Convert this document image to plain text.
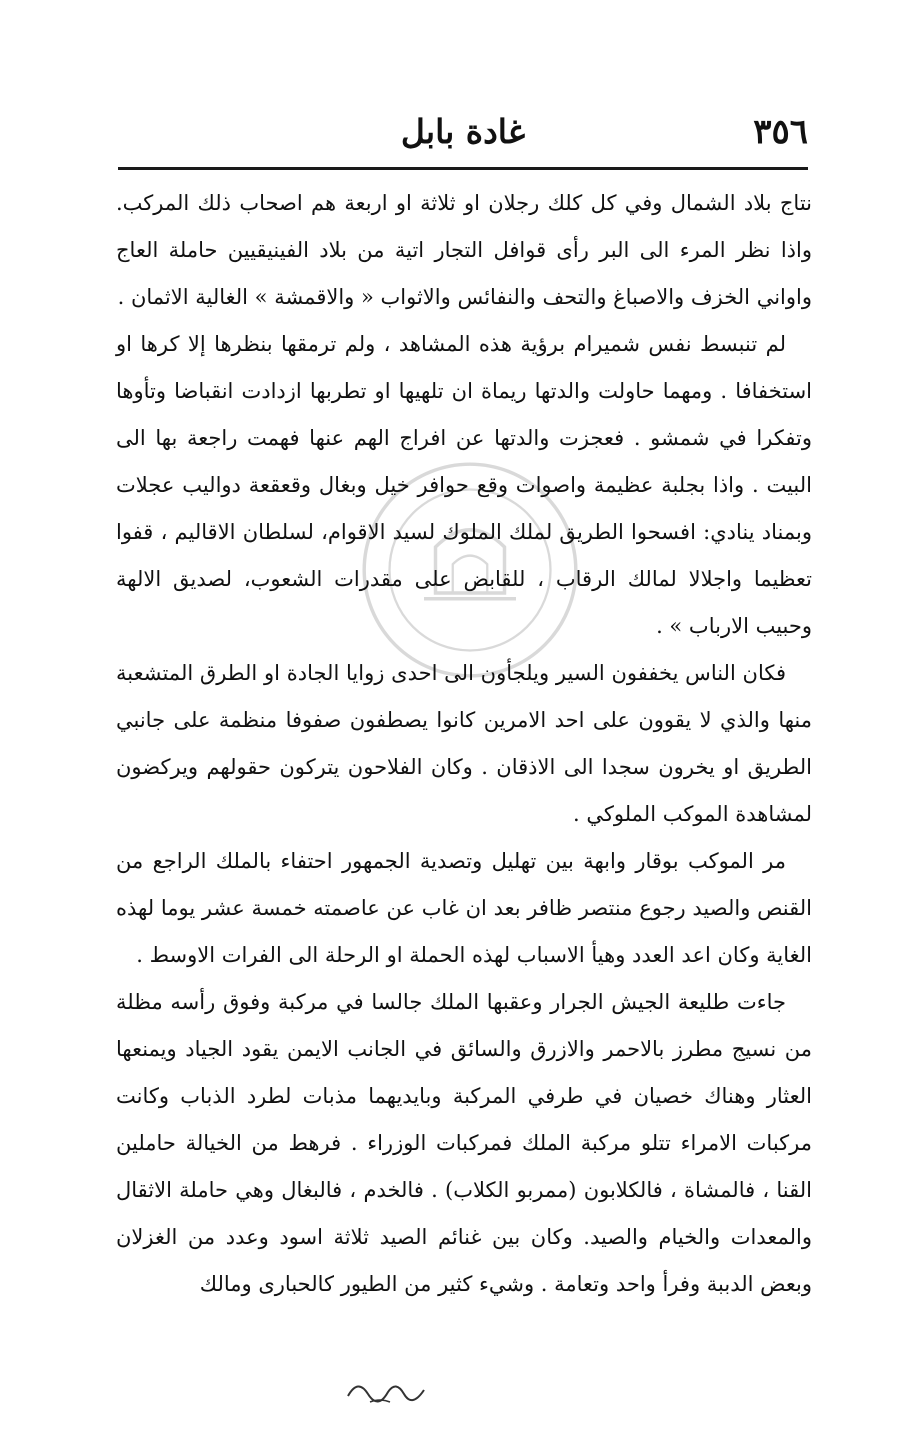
٣٥٦
غادة بابل

نتاج بلاد الشمال وفي كل كلك رجلان او ثلاثة او اربعة هم اصحاب ذلك المركب. واذا نظر المرء الى البر رأى قوافل التجار اتية من بلاد الفينيقيين حاملة العاج واواني الخزف والاصباغ والتحف والنفائس والاثواب « والاقمشة » الغالية الاثمان .

لم تنبسط نفس شميرام برؤية هذه المشاهد ، ولم ترمقها بنظرها إلا كرها او استخفافا . ومهما حاولت والدتها ريماة ان تلهيها او تطربها ازدادت انقباضا وتأوها وتفكرا في شمشو . فعجزت والدتها عن افراج الهم عنها فهمت راجعة بها الى البيت . واذا بجلبة عظيمة واصوات وقع حوافر خيل وبغال وقعقعة دواليب عجلات وبمناد ينادي: افسحوا الطريق لملك الملوك لسيد الاقوام، لسلطان الاقاليم ، قفوا تعظيما واجلالا لمالك الرقاب ، للقابض على مقدرات الشعوب، لصديق الالهة وحبيب الارباب » .

فكان الناس يخففون السير ويلجأون الى احدى زوايا الجادة او الطرق المتشعبة منها والذي لا يقوون على احد الامرين كانوا يصطفون صفوفا منظمة على جانبي الطريق او يخرون سجدا الى الاذقان . وكان الفلاحون يتركون حقولهم ويركضون لمشاهدة الموكب الملوكي .

مر الموكب بوقار وابهة بين تهليل وتصدية الجمهور احتفاء بالملك الراجع من القنص والصيد رجوع منتصر ظافر بعد ان غاب عن عاصمته خمسة عشر يوما لهذه الغاية وكان اعد العدد وهيأ الاسباب لهذه الحملة او الرحلة الى الفرات الاوسط .

جاءت طليعة الجيش الجرار وعقبها الملك جالسا في مركبة وفوق رأسه مظلة من نسيج مطرز بالاحمر والازرق والسائق في الجانب الايمن يقود الجياد ويمنعها العثار وهناك خصيان في طرفي المركبة وبايديهما مذبات لطرد الذباب وكانت مركبات الامراء تتلو مركبة الملك فمركبات الوزراء . فرهط من الخيالة حاملين القنا ، فالمشاة ، فالكلابون (ممربو الكلاب) . فالخدم ، فالبغال وهي حاملة الاثقال والمعدات والخيام والصيد. وكان بين غنائم الصيد ثلاثة اسود وعدد من الغزلان وبعض الدببة وفرأ واحد وتعامة . وشيء كثير من الطيور كالحبارى ومالك
